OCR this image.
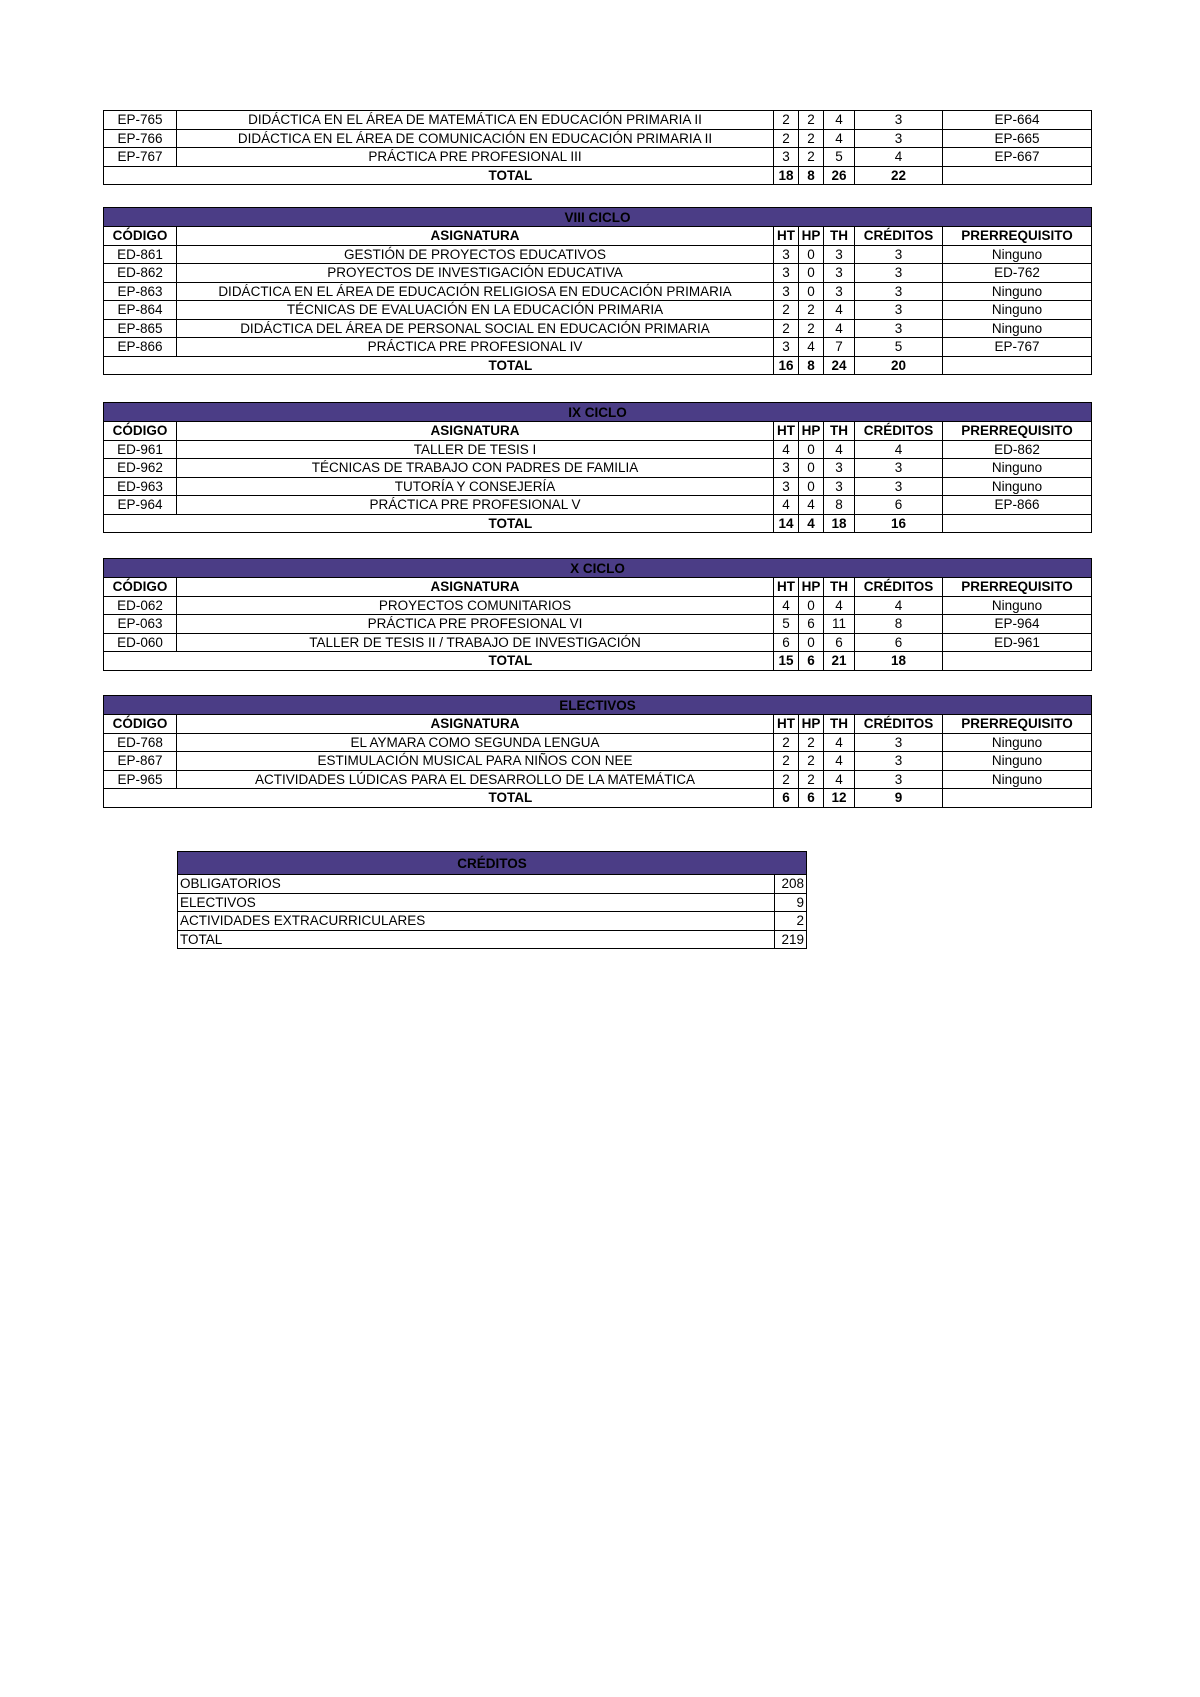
EP-765	DIDÁCTICA EN EL ÁREA DE MATEMÁTICA EN EDUCACIÓN PRIMARIA II	2	2	4	3	EP-664
EP-766	DIDÁCTICA EN EL ÁREA DE COMUNICACIÓN EN EDUCACIÓN PRIMARIA II	2	2	4	3	EP-665
EP-767	PRÁCTICA PRE PROFESIONAL III	3	2	5	4	EP-667
	TOTAL	18	8	26	22	
VIII CICLO						
CÓDIGO	ASIGNATURA	HT	HP	TH	CRÉDITOS	PRERREQUISITO
ED-861	GESTIÓN DE PROYECTOS EDUCATIVOS	3	0	3	3	Ninguno
ED-862	PROYECTOS DE INVESTIGACIÓN EDUCATIVA	3	0	3	3	ED-762
EP-863	DIDÁCTICA EN EL ÁREA DE EDUCACIÓN RELIGIOSA EN EDUCACIÓN PRIMARIA	3	0	3	3	Ninguno
EP-864	TÉCNICAS DE EVALUACIÓN EN LA EDUCACIÓN PRIMARIA	2	2	4	3	Ninguno
EP-865	DIDÁCTICA DEL ÁREA DE PERSONAL SOCIAL EN EDUCACIÓN PRIMARIA	2	2	4	3	Ninguno
EP-866	PRÁCTICA PRE PROFESIONAL IV	3	4	7	5	EP-767
	TOTAL	16	8	24	20	
IX CICLO						
CÓDIGO	ASIGNATURA	HT	HP	TH	CRÉDITOS	PRERREQUISITO
ED-961	TALLER DE TESIS I	4	0	4	4	ED-862
ED-962	TÉCNICAS DE TRABAJO CON PADRES DE FAMILIA	3	0	3	3	Ninguno
ED-963	TUTORÍA Y CONSEJERÍA	3	0	3	3	Ninguno
EP-964	PRÁCTICA PRE PROFESIONAL V	4	4	8	6	EP-866
	TOTAL	14	4	18	16	
X CICLO						
CÓDIGO	ASIGNATURA	HT	HP	TH	CRÉDITOS	PRERREQUISITO
ED-062	PROYECTOS COMUNITARIOS	4	0	4	4	Ninguno
EP-063	PRÁCTICA PRE PROFESIONAL VI	5	6	11	8	EP-964
ED-060	TALLER DE TESIS II / TRABAJO DE INVESTIGACIÓN	6	0	6	6	ED-961
	TOTAL	15	6	21	18	
ELECTIVOS						
CÓDIGO	ASIGNATURA	HT	HP	TH	CRÉDITOS	PRERREQUISITO
ED-768	EL AYMARA COMO SEGUNDA LENGUA	2	2	4	3	Ninguno
EP-867	ESTIMULACIÓN MUSICAL PARA NIÑOS CON NEE	2	2	4	3	Ninguno
EP-965	ACTIVIDADES LÚDICAS PARA EL DESARROLLO DE LA MATEMÁTICA	2	2	4	3	Ninguno
	TOTAL	6	6	12	9	
CRÉDITOS	
OBLIGATORIOS	208
ELECTIVOS	9
ACTIVIDADES EXTRACURRICULARES	2
TOTAL	219
